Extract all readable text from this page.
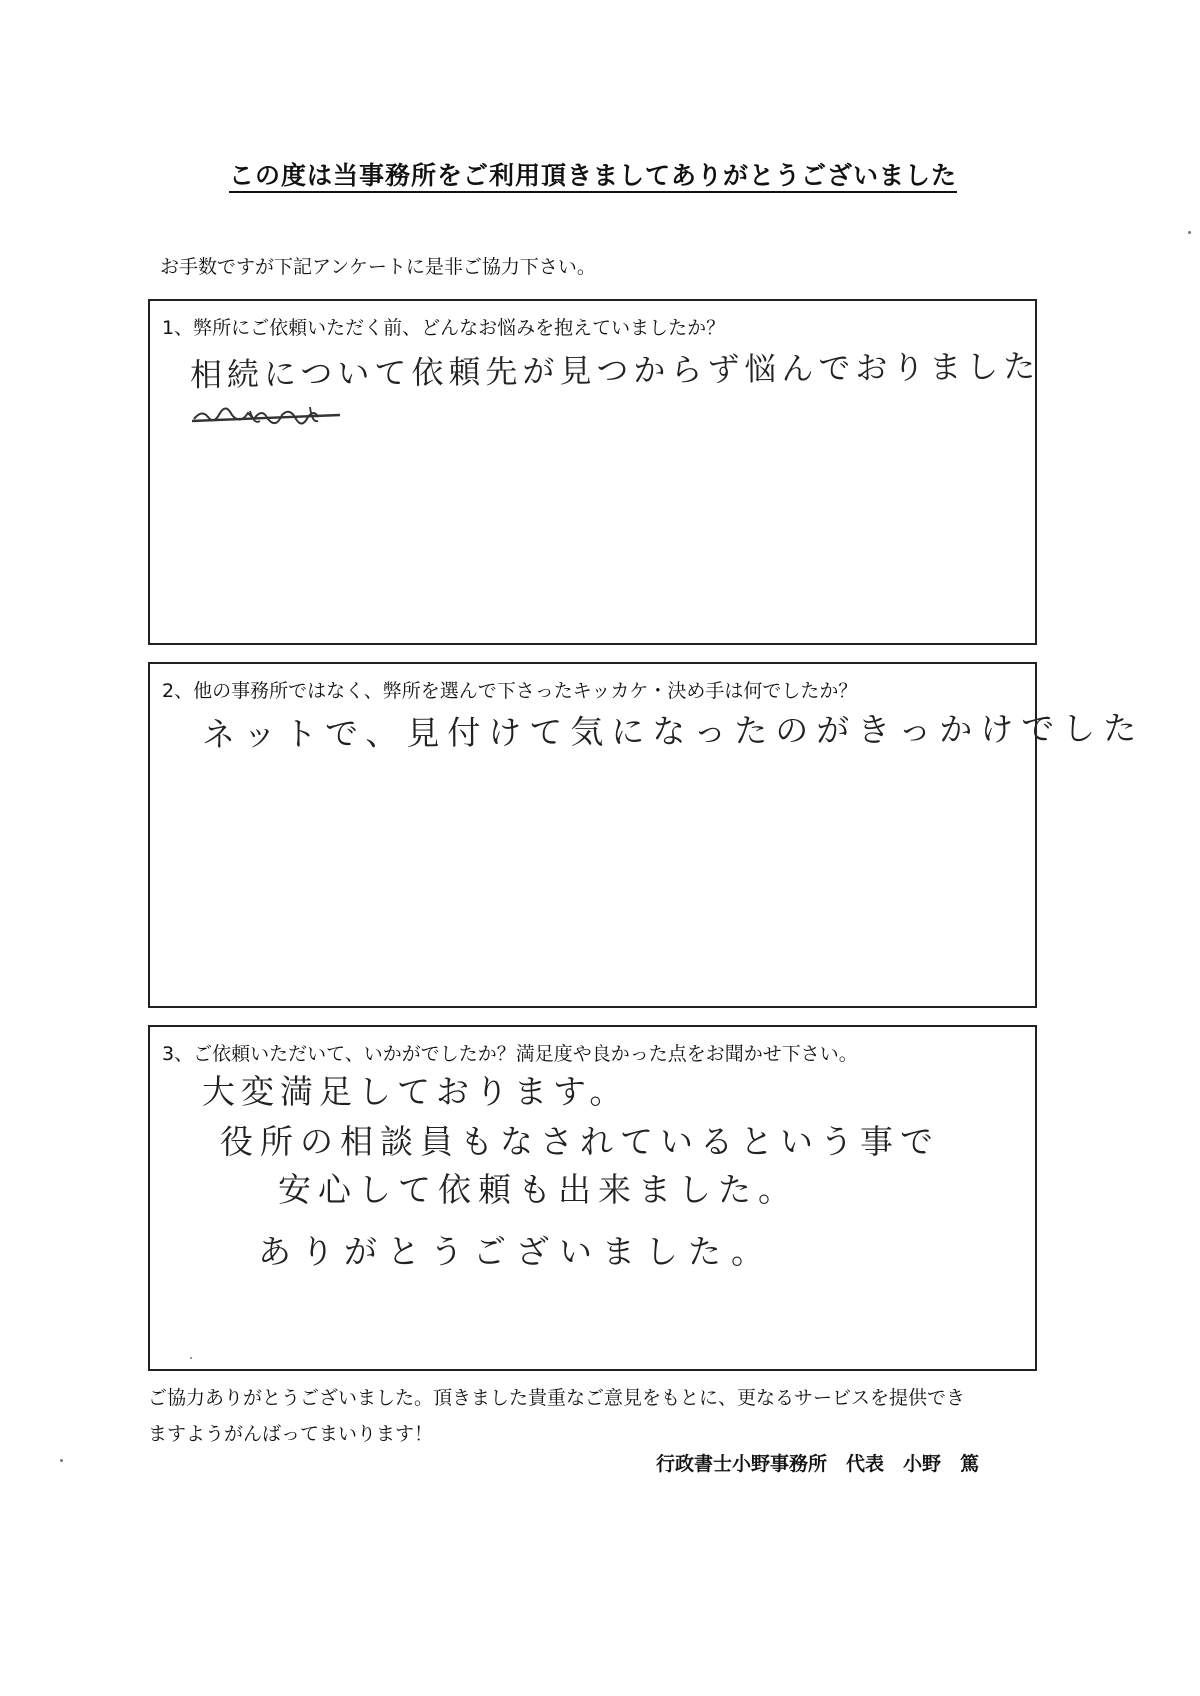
この度は当事務所をご利用頂きましてありがとうございました
お手数ですが下記アンケートに是非ご協力下さい。
1、弊所にご依頼いただく前、どんなお悩みを抱えていましたか？
相続について依頼先が見つからず悩んでおりました
2、他の事務所ではなく、弊所を選んで下さったキッカケ・決め手は何でしたか？
ネットで、見付けて気になったのがきっかけでした
3、ご依頼いただいて、いかがでしたか？満足度や良かった点をお聞かせ下さい。
大変満足しております。
役所の相談員もなされているという事で
安心して依頼も出来ました。
ありがとうございました。
ご協力ありがとうございました。頂きました貴重なご意見をもとに、更なるサービスを提供でき
ますようがんばってまいります！
行政書士小野事務所　代表　小野　篤
